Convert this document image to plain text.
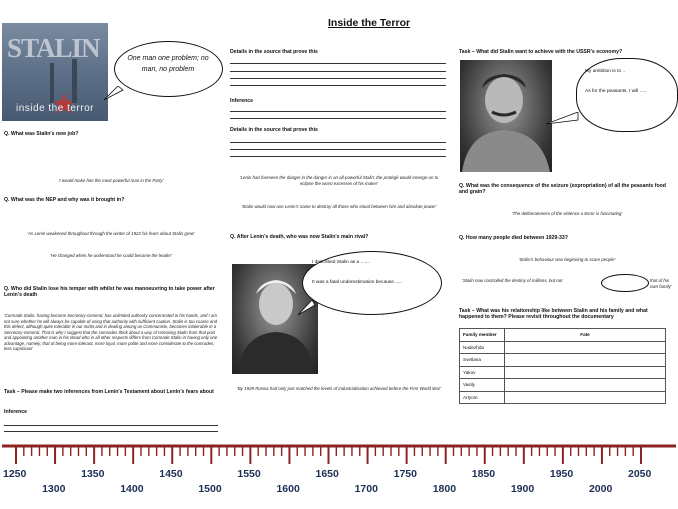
Inside the Terror
STALIN
inside the terror
One man one problem; no man, no problem
Q. What was Stalin's new job?
'I would make him the most powerful man in the Party'
Q. What was the NEP and why was it brought in?
'As Lenin weakened throughout through the winter of 1922 his fears about Stalin grew'
'He changed when he understood he could become the leader'
Q. Who did Stalin lose his temper with whilst he was manoeuvring to take power after Lenin's death
'Comrade Stalin, having become Secretary-General, has unlimited authority concentrated in his hands, and I am not sure whether he will always be capable of using that authority with sufficient caution. Stalin is too coarse and this defect, although quite tolerable in our midst and in dealing among us Communists, becomes intolerable in a Secretary-General. That is why I suggest that the comrades think about a way of removing Stalin from that post and appointing another man in his stead who in all other respects differs from Comrade Stalin in having only one advantage, namely, that of being more tolerant, more loyal, more polite and more considerate to the comrades, less capricious'
Task – Please make two inferences from Lenin's Testament about Lenin's fears about
Inference
Details in the source that prove this
Inference
Details in the source that prove this
'Lenin had foreseen the danger in the danger in an all-powerful Stalin; the protégé would emerge on to eclipse the worst excesses of his maker'
'Stalin would now use Lenin's name to destroy all those who stood between him and absolute power'
Q. After Lenin's death, who was now Stalin's main rival?
I described Stalin as a .......
It was a fatal underestimation because .....
'By 1929 Russia had only just matched the levels of industrialisation achieved before the First World War'
Task – What did Stalin want to achieve with the USSR's economy?
My ambition is to ..
As for the peasants, I will .....
Q. What was the consequence of the seizure (expropriation) of all the peasants food and grain?
'The deliberateness of the violence a terror is fascinating'
Q. How many people died between 1929-33?
'Stalin's behaviour was beginning to scare people'
'Stalin now controlled the destiny of millions, but not	that of his own family'
Task – What was his relationship like between Stalin and his family and what happened to them? Please revisit throughout the documentary
Family member	Fate
Nadezhda	
Svetlana	
Yakov	
Vasily	
Artyom	
1250	1350	1450	1550	1650	1750	1850	1950	2050
1300	1400	1500	1600	1700	1800	1900	2000
